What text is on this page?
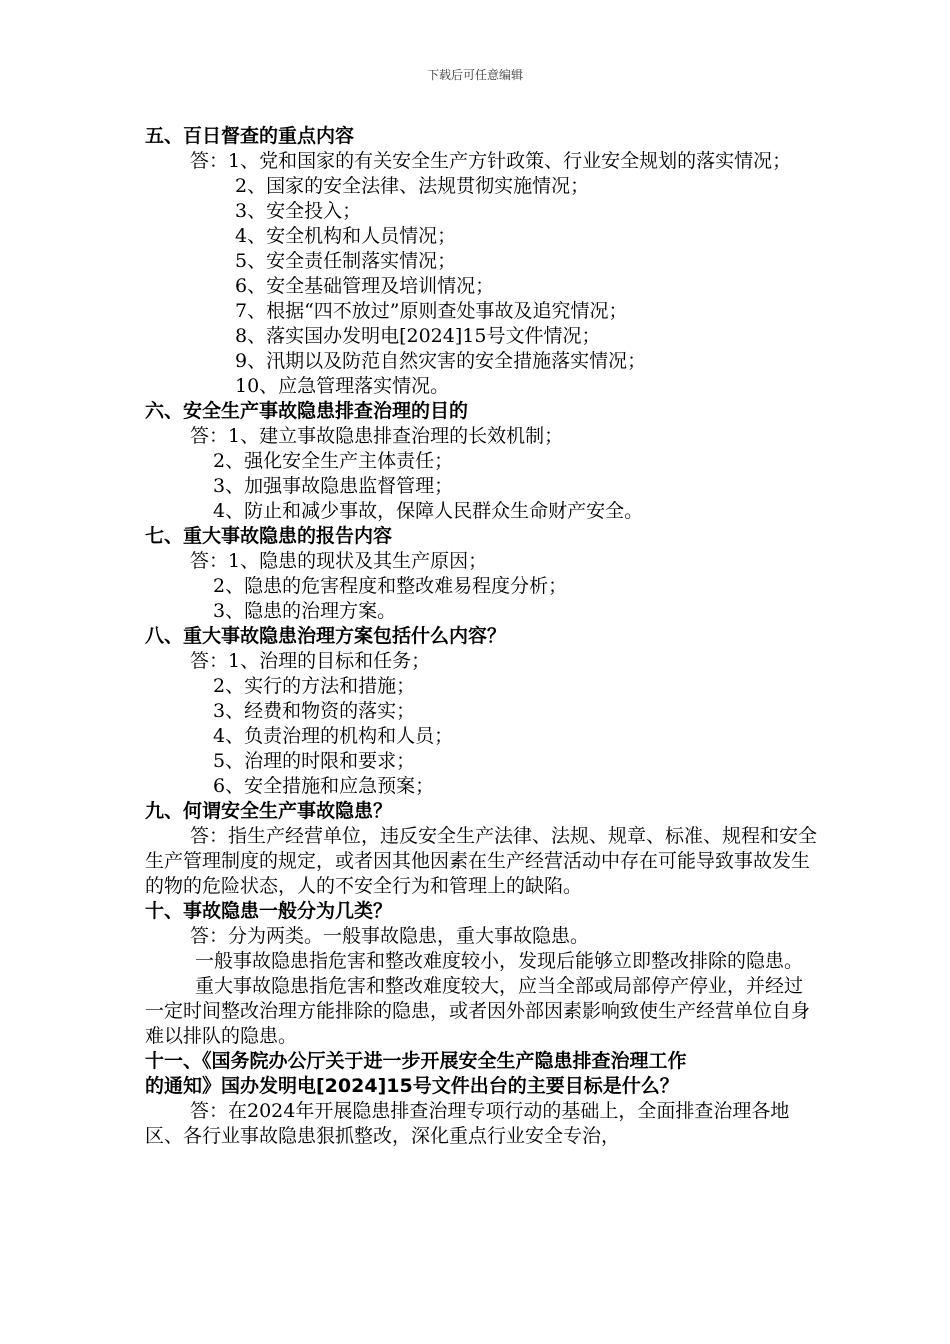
下载后可任意编辑
五、百日督查的重点内容
答：1、党和国家的有关安全生产方针政策、行业安全规划的落实情况；
2、国家的安全法律、法规贯彻实施情况；
3、安全投入；
4、安全机构和人员情况；
5、安全责任制落实情况；
6、安全基础管理及培训情况；
7、根据“四不放过”原则查处事故及追究情况；
8、落实国办发明电[2024]15号文件情况；
9、汛期以及防范自然灾害的安全措施落实情况；
10、应急管理落实情况。
六、安全生产事故隐患排查治理的目的
答：1、建立事故隐患排查治理的长效机制；
2、强化安全生产主体责任；
3、加强事故隐患监督管理；
4、防止和减少事故，保障人民群众生命财产安全。
七、重大事故隐患的报告内容
答：1、隐患的现状及其生产原因；
2、隐患的危害程度和整改难易程度分析；
3、隐患的治理方案。
八、重大事故隐患治理方案包括什么内容？
答：1、治理的目标和任务；
2、实行的方法和措施；
3、经费和物资的落实；
4、负责治理的机构和人员；
5、治理的时限和要求；
6、安全措施和应急预案；
九、何谓安全生产事故隐患？
答：指生产经营单位，违反安全生产法律、法规、规章、标准、规程和安全生产管理制度的规定，或者因其他因素在生产经营活动中存在可能导致事故发生的物的危险状态，人的不安全行为和管理上的缺陷。
十、事故隐患一般分为几类？
答：分为两类。一般事故隐患，重大事故隐患。
一般事故隐患指危害和整改难度较小，发现后能够立即整改排除的隐患。
重大事故隐患指危害和整改难度较大，应当全部或局部停产停业，并经过一定时间整改治理方能排除的隐患，或者因外部因素影响致使生产经营单位自身难以排队的隐患。
十一、《国务院办公厅关于进一步开展安全生产隐患排查治理工作
的通知》国办发明电[2024]15号文件出台的主要目标是什么？
答：在2024年开展隐患排查治理专项行动的基础上，全面排查治理各地区、各行业事故隐患狠抓整改，深化重点行业安全专治，
